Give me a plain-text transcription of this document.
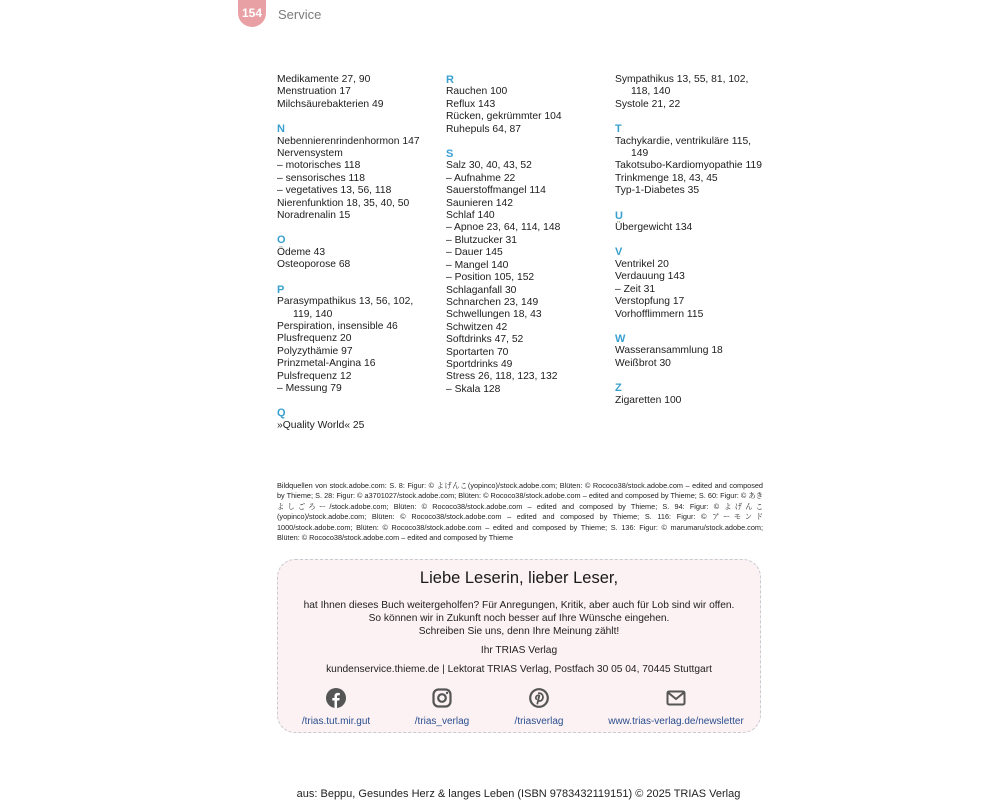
154	Service
Medikamente 27, 90
Menstruation 17
Milchsäurebakterien 49
N
Nebennierenrindenhormon 147
Nervensystem
– motorisches 118
– sensorisches 118
– vegetatives 13, 56, 118
Nierenfunktion 18, 35, 40, 50
Noradrenalin 15
O
Ödeme 43
Osteoporose 68
P
Parasympathikus 13, 56, 102,
119, 140
Perspiration, insensible 46
Plusfrequenz 20
Polyzythämie 97
Prinzmetal-Angina 16
Pulsfrequenz 12
– Messung 79
Q
»Quality World« 25
R
Rauchen 100
Reflux 143
Rücken, gekrümmter 104
Ruhepuls 64, 87
S
Salz 30, 40, 43, 52
– Aufnahme 22
Sauerstoffmangel 114
Saunieren 142
Schlaf 140
– Apnoe 23, 64, 114, 148
– Blutzucker 31
– Dauer 145
– Mangel 140
– Position 105, 152
Schlaganfall 30
Schnarchen 23, 149
Schwellungen 18, 43
Schwitzen 42
Softdrinks 47, 52
Sportarten 70
Sportdrinks 49
Stress 26, 118, 123, 132
– Skala 128
Sympathikus 13, 55, 81, 102,
118, 140
Systole 21, 22
T
Tachykardie, ventrikuläre 115,
149
Takotsubo-Kardiomyopathie 119
Trinkmenge 18, 43, 45
Typ-1-Diabetes 35
U
Übergewicht 134
V
Ventrikel 20
Verdauung 143
– Zeit 31
Verstopfung 17
Vorhofflimmern 115
W
Wasseransammlung 18
Weißbrot 30
Z
Zigaretten 100
Bildquellen von stock.adobe.com: S. 8: Figur: © よげんこ(yopinco)/stock.adobe.com; Blüten: © Rococo38/stock.adobe.com – edited and composed by Thieme; S. 28: Figur: © a3701027/stock.adobe.com; Blüten: © Rococo38/stock.adobe.com – edited and composed by Thieme; S. 60: Figur: © あきよしごろー/stock.adobe.com; Blüten: © Rococo38/stock.adobe.com – edited and composed by Thieme; S. 94: Figur: © よげんこ(yopinco)/stock.adobe.com; Blüten: © Rococo38/stock.adobe.com – edited and composed by Thieme; S. 116: Figur: © アーモンド1000/stock.adobe.com; Blüten: © Rococo38/stock.adobe.com – edited and composed by Thieme; S. 136: Figur: © marumaru/stock.adobe.com; Blüten: © Rococo38/stock.adobe.com – edited and composed by Thieme
Liebe Leserin, lieber Leser,
hat Ihnen dieses Buch weitergeholfen? Für Anregungen, Kritik, aber auch für Lob sind wir offen.
So können wir in Zukunft noch besser auf Ihre Wünsche eingehen.
Schreiben Sie uns, denn Ihre Meinung zählt!
Ihr TRIAS Verlag
kundenservice.thieme.de | Lektorat TRIAS Verlag, Postfach 30 05 04, 70445 Stuttgart
/trias.tut.mir.gut	/trias_verlag	/triasverlag	www.trias-verlag.de/newsletter
aus: Beppu, Gesundes Herz & langes Leben (ISBN 9783432119151) © 2025 TRIAS Verlag
